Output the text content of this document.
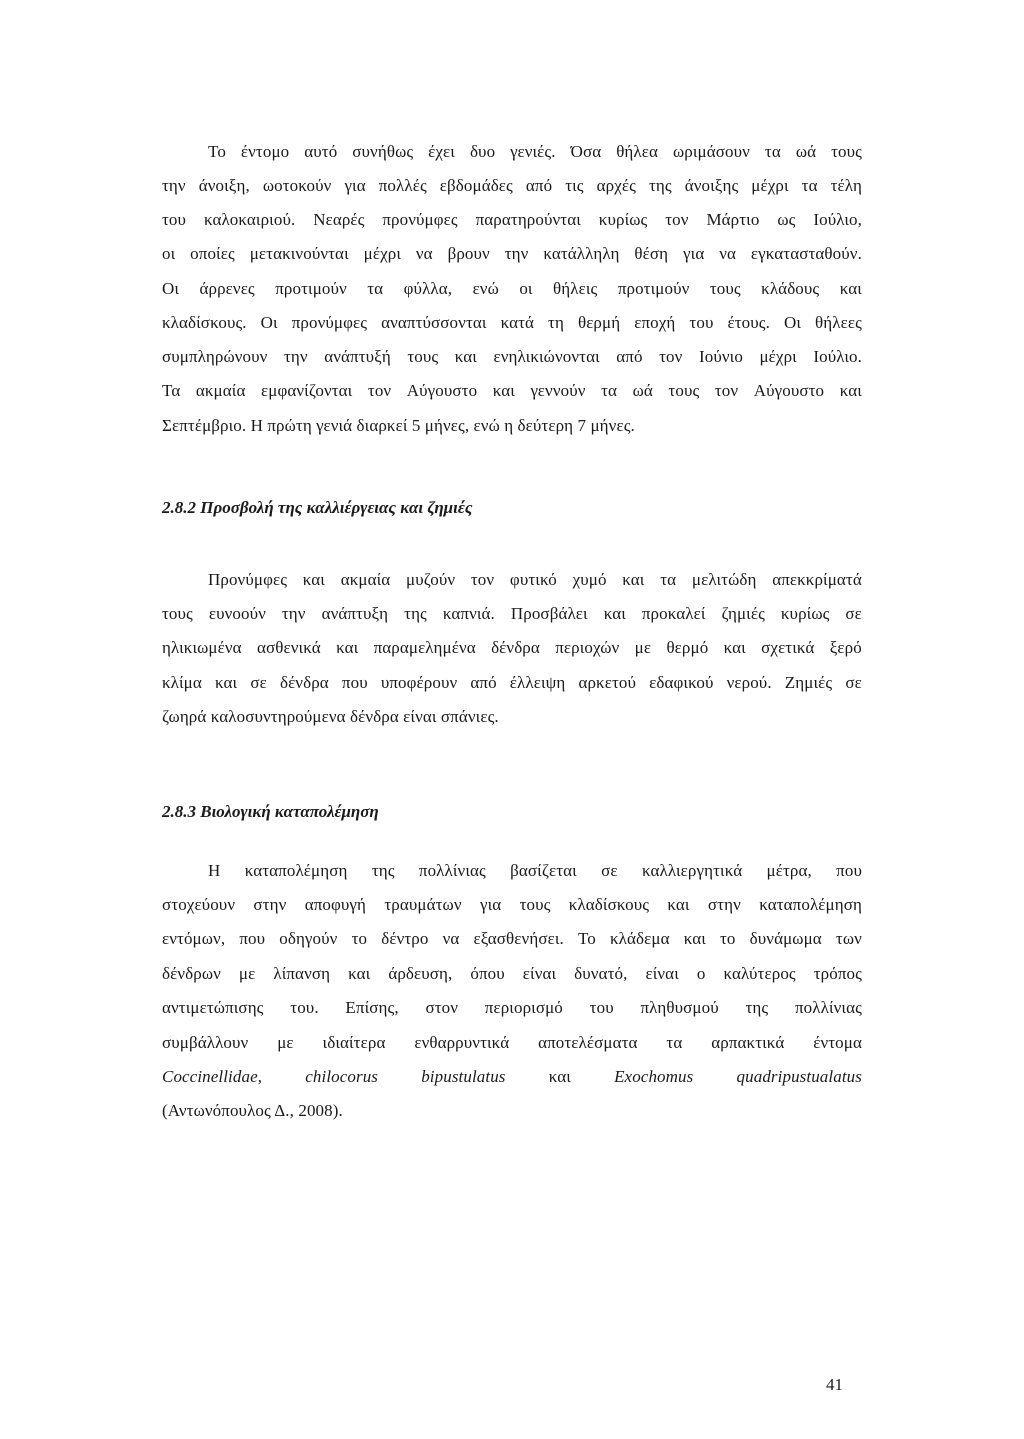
Το έντομο αυτό συνήθως έχει δυο γενιές. Όσα θήλεα ωριμάσουν τα ωά τους
την άνοιξη, ωοτοκούν για πολλές εβδομάδες από τις αρχές της άνοιξης μέχρι τα τέλη
του καλοκαιριού. Νεαρές προνύμφες παρατηρούνται κυρίως τον Μάρτιο ως Ιούλιο,
οι οποίες μετακινούνται μέχρι να βρουν την κατάλληλη θέση για να εγκατασταθούν.
Οι άρρενες προτιμούν τα φύλλα, ενώ οι θήλεις προτιμούν τους κλάδους και
κλαδίσκους. Οι προνύμφες αναπτύσσονται κατά τη θερμή εποχή του έτους. Οι θήλεες
συμπληρώνουν την ανάπτυξή τους και ενηλικιώνονται από τον Ιούνιο μέχρι Ιούλιο.
Τα ακμαία εμφανίζονται τον Αύγουστο και γεννούν τα ωά τους τον Αύγουστο και
Σεπτέμβριο. Η πρώτη γενιά διαρκεί 5 μήνες, ενώ η δεύτερη 7 μήνες.
2.8.2 Προσβολή της καλλιέργειας και ζημιές
Προνύμφες και ακμαία μυζούν τον φυτικό χυμό και τα μελιτώδη απεκκρίματά
τους ευνοούν την ανάπτυξη της καπνιά. Προσβάλει και προκαλεί ζημιές κυρίως σε
ηλικιωμένα ασθενικά και παραμελημένα δένδρα περιοχών με θερμό και σχετικά ξερό
κλίμα και σε δένδρα που υποφέρουν από έλλειψη αρκετού εδαφικού νερού. Ζημιές σε
ζωηρά καλοσυντηρούμενα δένδρα είναι σπάνιες.
2.8.3 Βιολογική καταπολέμηση
Η καταπολέμηση της πολλίνιας βασίζεται σε καλλιεργητικά μέτρα, που
στοχεύουν στην αποφυγή τραυμάτων για τους κλαδίσκους και στην καταπολέμηση
εντόμων, που οδηγούν το δέντρο να εξασθενήσει. Το κλάδεμα και το δυνάμωμα των
δένδρων με λίπανση και άρδευση, όπου είναι δυνατό, είναι ο καλύτερος τρόπος
αντιμετώπισης του. Επίσης, στον περιορισμό του πληθυσμού της πολλίνιας
συμβάλλουν με ιδιαίτερα ενθαρρυντικά αποτελέσματα τα αρπακτικά έντομα
Coccinellidae,	chilocorus	bipustulatus	και	Exochomus	quadripustualatus
(Αντωνόπουλος Δ., 2008).
41
